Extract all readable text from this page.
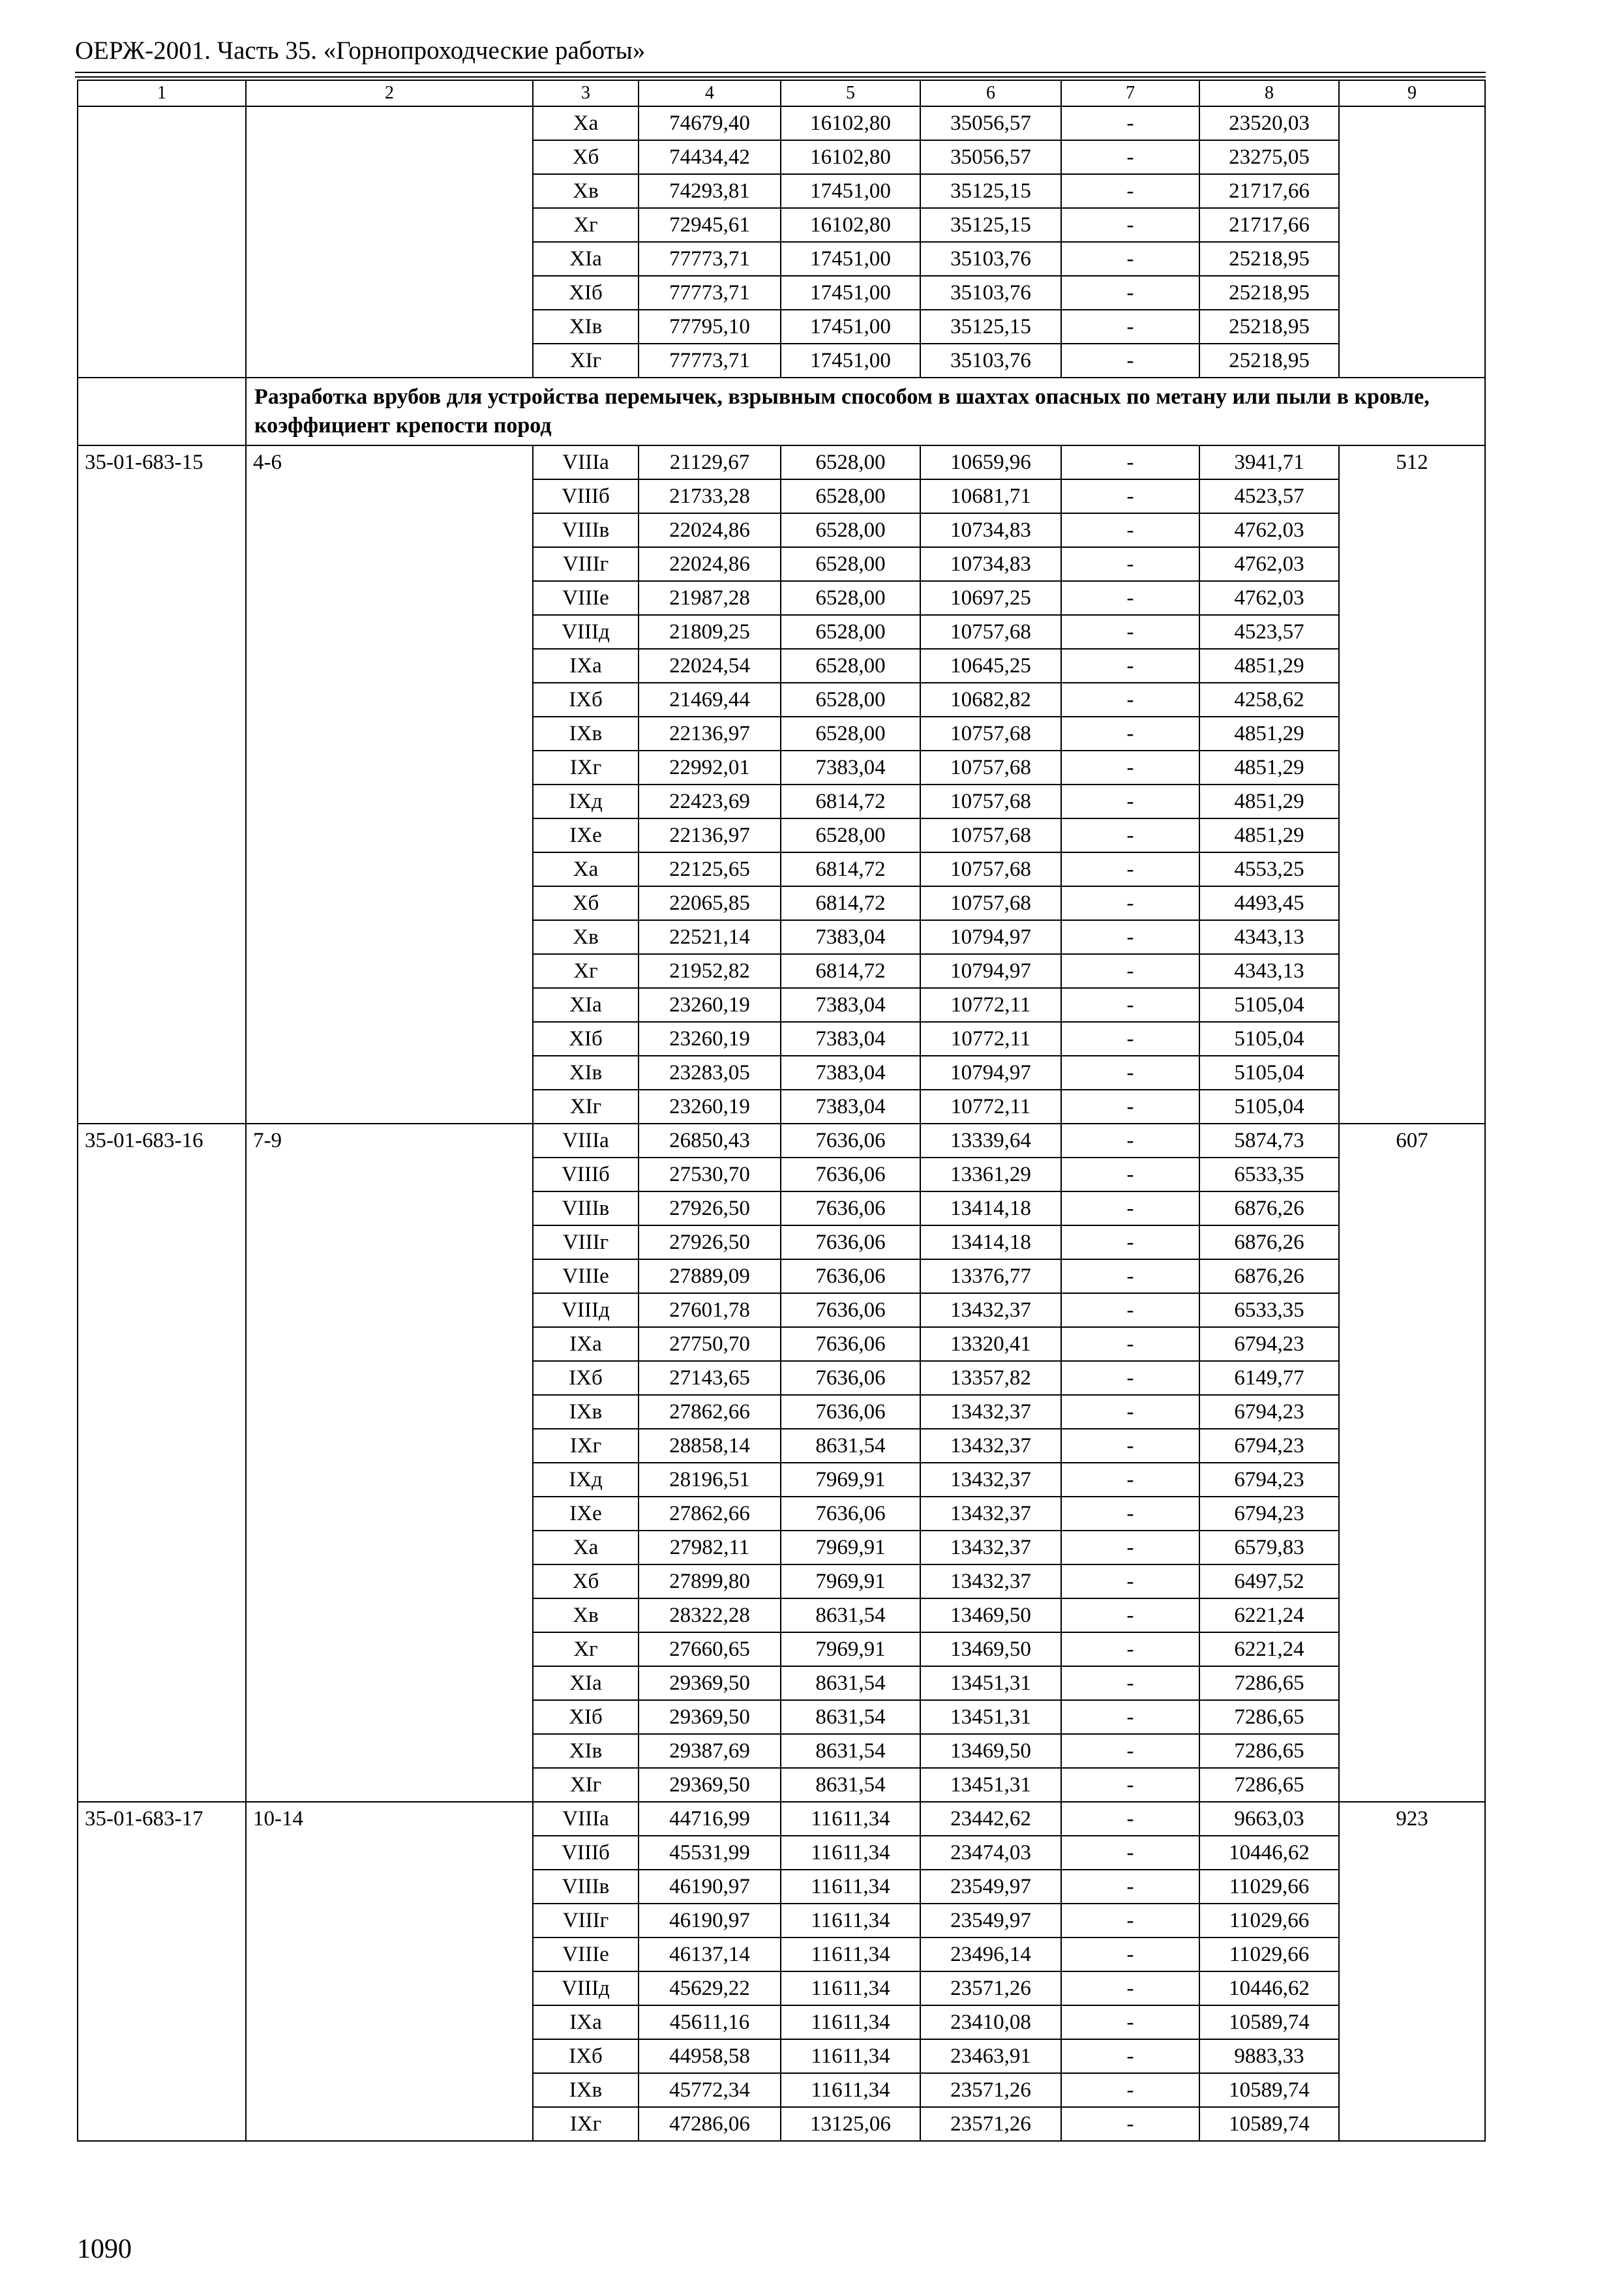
ОЕРЖ-2001. Часть 35. «Горнопроходческие работы»
1	2	3	4	5	6	7	8	9
		Xa	74679,40	16102,80	35056,57	-	23520,03	
		Xб	74434,42	16102,80	35056,57	-	23275,05	
		Xв	74293,81	17451,00	35125,15	-	21717,66	
		Xг	72945,61	16102,80	35125,15	-	21717,66	
		XIа	77773,71	17451,00	35103,76	-	25218,95	
		XIб	77773,71	17451,00	35103,76	-	25218,95	
		XIв	77795,10	17451,00	35125,15	-	25218,95	
		XIг	77773,71	17451,00	35103,76	-	25218,95	

	Разработка врубов для устройства перемычек, взрывным способом в шахтах опасных по метану или пыли в кровле, коэффициент крепости пород							

35-01-683-15	4-6	VIIIа	21129,67	6528,00	10659,96	-	3941,71	512
		VIIIб	21733,28	6528,00	10681,71	-	4523,57	
		VIIIв	22024,86	6528,00	10734,83	-	4762,03	
		VIIIг	22024,86	6528,00	10734,83	-	4762,03	
		VIIIе	21987,28	6528,00	10697,25	-	4762,03	
		VIIIд	21809,25	6528,00	10757,68	-	4523,57	
		IXа	22024,54	6528,00	10645,25	-	4851,29	
		IXб	21469,44	6528,00	10682,82	-	4258,62	
		IXв	22136,97	6528,00	10757,68	-	4851,29	
		IXг	22992,01	7383,04	10757,68	-	4851,29	
		IXд	22423,69	6814,72	10757,68	-	4851,29	
		IXе	22136,97	6528,00	10757,68	-	4851,29	
		Xa	22125,65	6814,72	10757,68	-	4553,25	
		Xб	22065,85	6814,72	10757,68	-	4493,45	
		Xв	22521,14	7383,04	10794,97	-	4343,13	
		Xг	21952,82	6814,72	10794,97	-	4343,13	
		XIа	23260,19	7383,04	10772,11	-	5105,04	
		XIб	23260,19	7383,04	10772,11	-	5105,04	
		XIв	23283,05	7383,04	10794,97	-	5105,04	
		XIг	23260,19	7383,04	10772,11	-	5105,04	
35-01-683-16	7-9	VIIIа	26850,43	7636,06	13339,64	-	5874,73	607
		VIIIб	27530,70	7636,06	13361,29	-	6533,35	
		VIIIв	27926,50	7636,06	13414,18	-	6876,26	
		VIIIг	27926,50	7636,06	13414,18	-	6876,26	
		VIIIе	27889,09	7636,06	13376,77	-	6876,26	
		VIIIд	27601,78	7636,06	13432,37	-	6533,35	
		IXа	27750,70	7636,06	13320,41	-	6794,23	
		IXб	27143,65	7636,06	13357,82	-	6149,77	
		IXв	27862,66	7636,06	13432,37	-	6794,23	
		IXг	28858,14	8631,54	13432,37	-	6794,23	
		IXд	28196,51	7969,91	13432,37	-	6794,23	
		IXе	27862,66	7636,06	13432,37	-	6794,23	
		Xa	27982,11	7969,91	13432,37	-	6579,83	
		Xб	27899,80	7969,91	13432,37	-	6497,52	
		Xв	28322,28	8631,54	13469,50	-	6221,24	
		Xг	27660,65	7969,91	13469,50	-	6221,24	
		XIа	29369,50	8631,54	13451,31	-	7286,65	
		XIб	29369,50	8631,54	13451,31	-	7286,65	
		XIв	29387,69	8631,54	13469,50	-	7286,65	
		XIг	29369,50	8631,54	13451,31	-	7286,65	
35-01-683-17	10-14	VIIIа	44716,99	11611,34	23442,62	-	9663,03	923
		VIIIб	45531,99	11611,34	23474,03	-	10446,62	
		VIIIв	46190,97	11611,34	23549,97	-	11029,66	
		VIIIг	46190,97	11611,34	23549,97	-	11029,66	
		VIIIе	46137,14	11611,34	23496,14	-	11029,66	
		VIIIд	45629,22	11611,34	23571,26	-	10446,62	
		IXа	45611,16	11611,34	23410,08	-	10589,74	
		IXб	44958,58	11611,34	23463,91	-	9883,33	
		IXв	45772,34	11611,34	23571,26	-	10589,74	
		IXг	47286,06	13125,06	23571,26	-	10589,74	
1090
